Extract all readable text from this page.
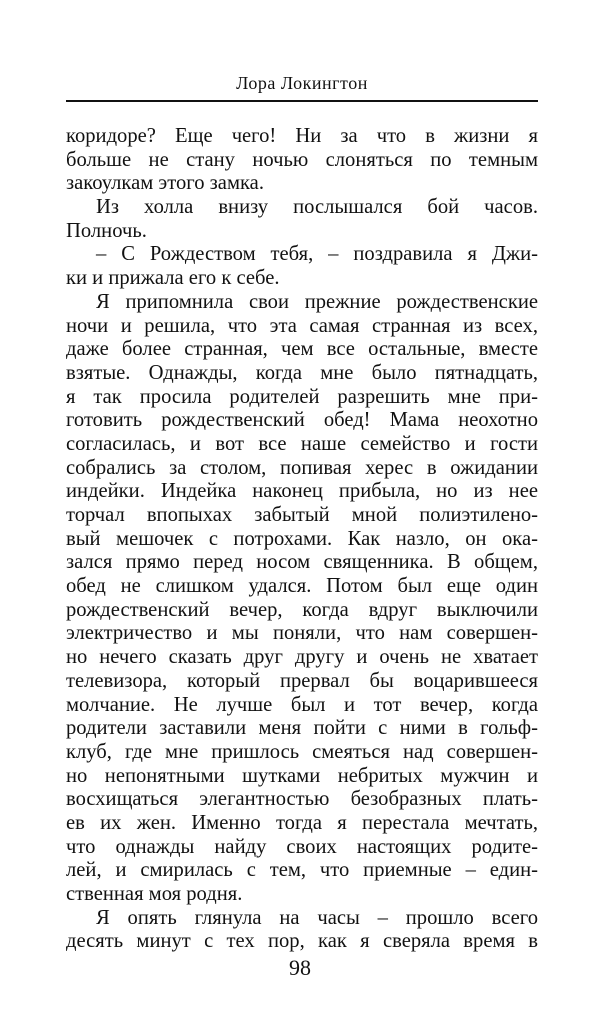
Лора Локингтон
коридоре? Еще чего! Ни за что в жизни я
больше не стану ночью слоняться по темным
закоулкам этого замка.
Из холла внизу послышался бой часов.
Полночь.
– С Рождеством тебя, – поздравила я Джи-
ки и прижала его к себе.
Я припомнила свои прежние рождественские
ночи и решила, что эта самая странная из всех,
даже более странная, чем все остальные, вместе
взятые. Однажды, когда мне было пятнадцать,
я так просила родителей разрешить мне при-
готовить рождественский обед! Мама неохотно
согласилась, и вот все наше семейство и гости
собрались за столом, попивая херес в ожидании
индейки. Индейка наконец прибыла, но из нее
торчал впопыхах забытый мной полиэтилено-
вый мешочек с потрохами. Как назло, он ока-
зался прямо перед носом священника. В общем,
обед не слишком удался. Потом был еще один
рождественский вечер, когда вдруг выключили
электричество и мы поняли, что нам совершен-
но нечего сказать друг другу и очень не хватает
телевизора, который прервал бы воцарившееся
молчание. Не лучше был и тот вечер, когда
родители заставили меня пойти с ними в гольф-
клуб, где мне пришлось смеяться над совершен-
но непонятными шутками небритых мужчин и
восхищаться элегантностью безобразных плать-
ев их жен. Именно тогда я перестала мечтать,
что однажды найду своих настоящих родите-
лей, и смирилась с тем, что приемные – един-
ственная моя родня.
Я опять глянула на часы – прошло всего
десять минут с тех пор, как я сверяла время в
98
